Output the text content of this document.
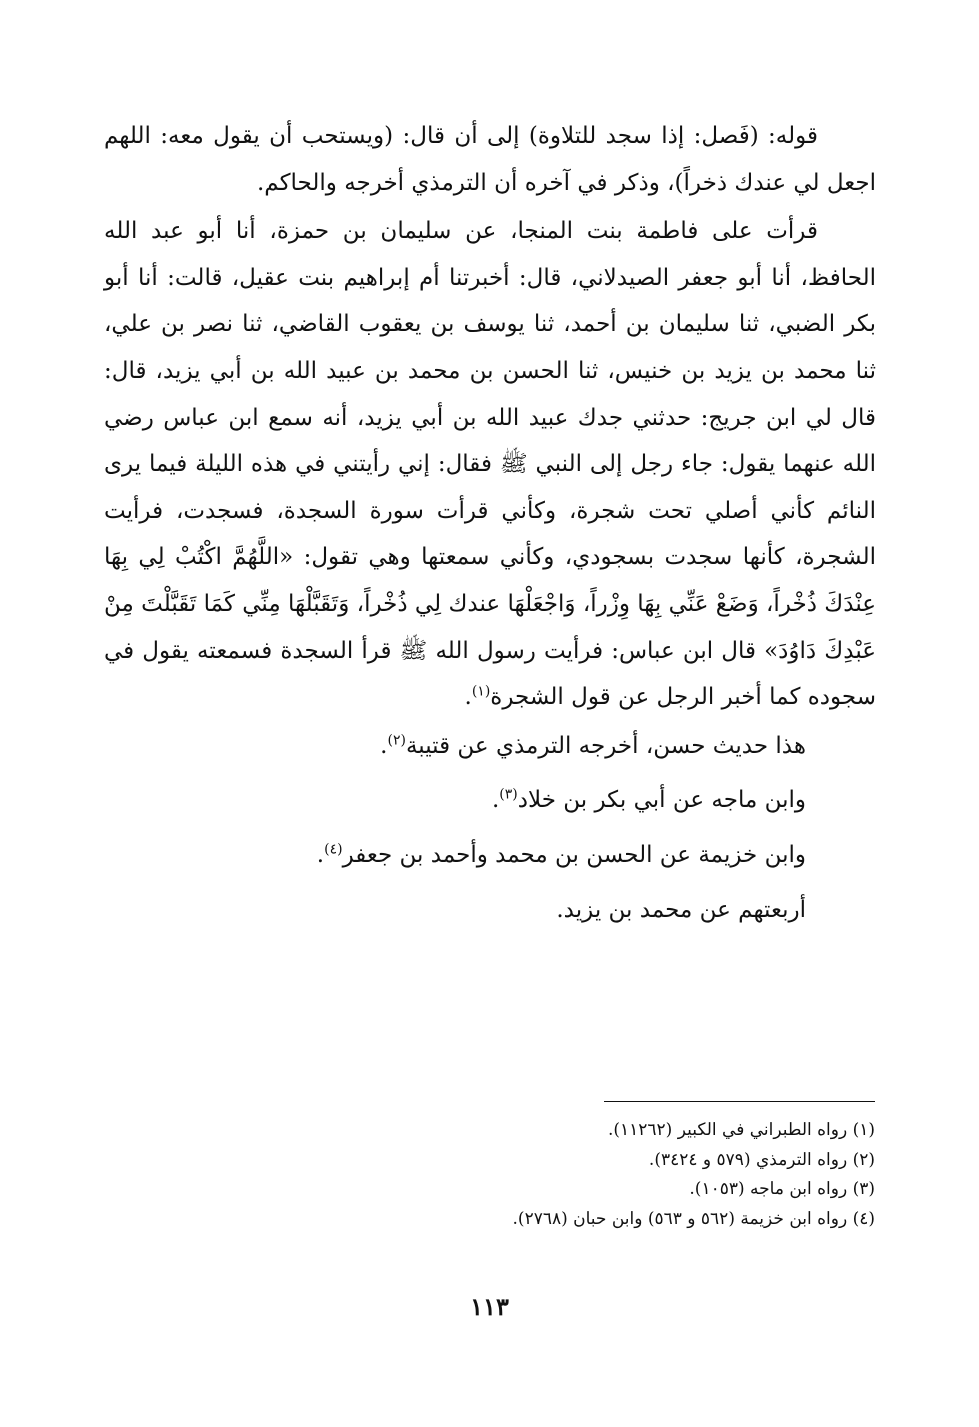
قوله: (فَصل: إذا سجد للتلاوة) إلى أن قال: (ويستحب أن يقول معه: اللهم اجعل لي عندك ذخراً)، وذكر في آخره أن الترمذي أخرجه والحاكم.

قرأت على فاطمة بنت المنجا، عن سليمان بن حمزة، أنا أبو عبد الله الحافظ، أنا أبو جعفر الصيدلاني، قال: أخبرتنا أم إبراهيم بنت عقيل، قالت: أنا أبو بكر الضبي، ثنا سليمان بن أحمد، ثنا يوسف بن يعقوب القاضي، ثنا نصر بن علي، ثنا محمد بن يزيد بن خنيس، ثنا الحسن بن محمد بن عبيد الله بن أبي يزيد، قال: قال لي ابن جريج: حدثني جدك عبيد الله بن أبي يزيد، أنه سمع ابن عباس رضي الله عنهما يقول: جاء رجل إلى النبي ﷺ فقال: إني رأيتني في هذه الليلة فيما يرى النائم كأني أصلي تحت شجرة، وكأني قرأت سورة السجدة، فسجدت، فرأيت الشجرة، كأنها سجدت بسجودي، وكأني سمعتها وهي تقول: «اللَّهُمَّ اكْتُبْ لِي بِهَا عِنْدَكَ ذُخْراً، وَضَعْ عَنِّي بِهَا وِزْراً، وَاجْعَلْهَا عندك لِي ذُخْراً، وَتَقَبَّلْهَا مِنِّي كَمَا تَقَبَّلْتَ مِنْ عَبْدِكَ دَاوُدَ» قال ابن عباس: فرأيت رسول الله ﷺ قرأ السجدة فسمعته يقول في سجوده كما أخبر الرجل عن قول الشجرة$^{(١)}$.

هذا حديث حسن، أخرجه الترمذي عن قتيبة$^{(٢)}$.

وابن ماجه عن أبي بكر بن خلاد$^{(٣)}$.

وابن خزيمة عن الحسن بن محمد وأحمد بن جعفر$^{(٤)}$.

أربعتهم عن محمد بن يزيد.

(١) رواه الطبراني في الكبير (١١٢٦٢).

(٢) رواه الترمذي (٥٧٩ و ٣٤٢٤).

(٣) رواه ابن ماجه (١٠٥٣).

(٤) رواه ابن خزيمة (٥٦٢ و ٥٦٣) وابن حبان (٢٧٦٨).

١١٣
